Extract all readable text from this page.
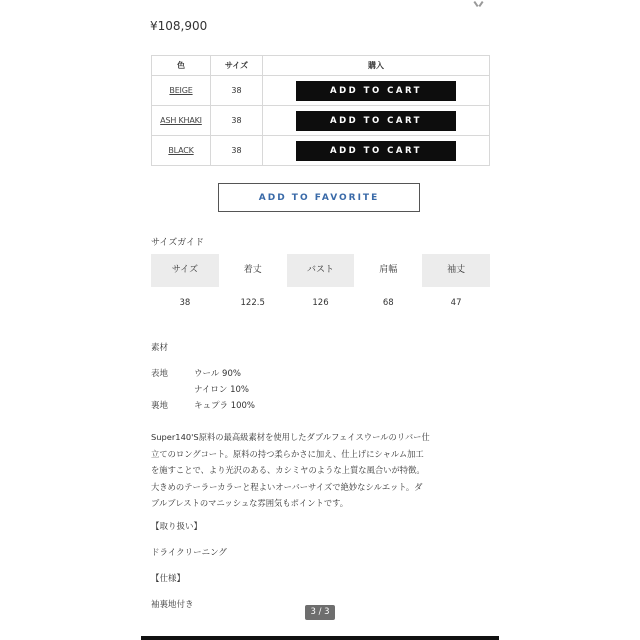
¥108,900
色	サイズ	購入
BEIGE	38	ADD TO CART
ASH KHAKI	38	ADD TO CART
BLACK	38	ADD TO CART
ADD TO FAVORITE
サイズガイド
サイズ	着丈	バスト	肩幅	袖丈
38	122.5	126	68	47
素材
表地	ウール 90%
ナイロン 10%
裏地	キュプラ 100%
Super140'S原料の最高級素材を使用したダブルフェイスウールのリバー仕
立てのロングコート。原料の持つ柔らかさに加え、仕上げにシャルム加工
を施すことで、より光沢のある、カシミヤのような上質な風合いが特徴。
大きめのテーラーカラーと程よいオーバーサイズで絶妙なシルエット。ダ
ブルブレストのマニッシュな雰囲気もポイントです。
【取り扱い】
ドライクリーニング
【仕様】
袖裏地付き
3 / 3
